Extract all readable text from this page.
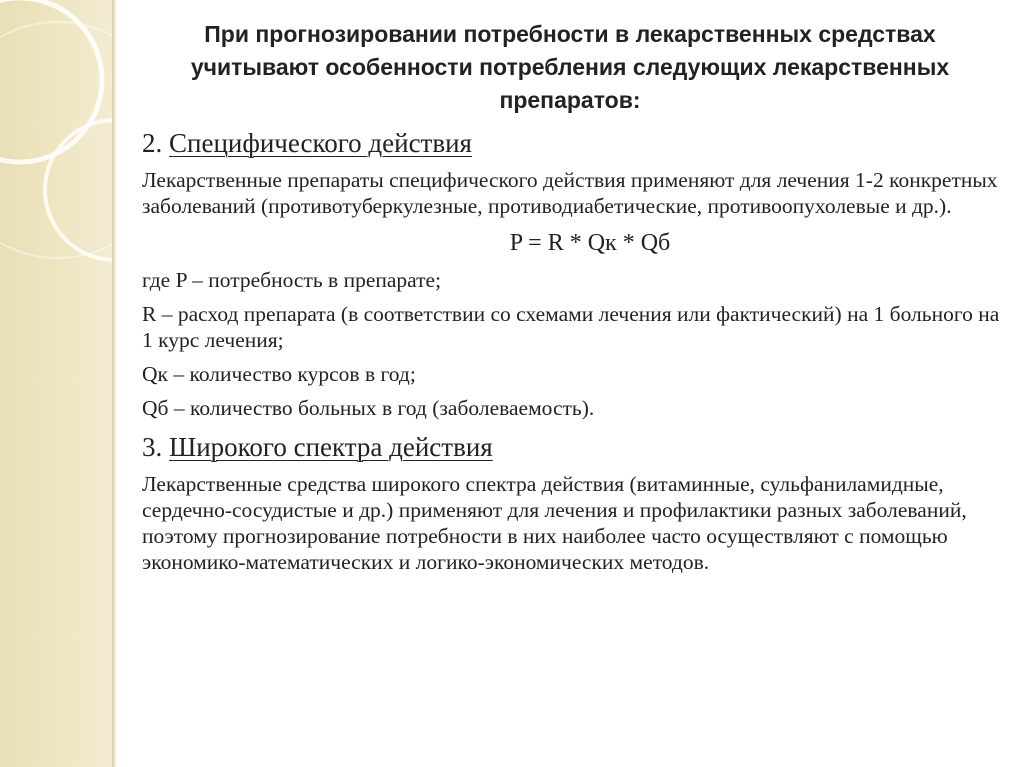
При прогнозировании потребности в лекарственных средствах учитывают особенности потребления следующих лекарственных препаратов:
2. Специфического действия
Лекарственные препараты специфического действия применяют для лечения 1-2 конкретных заболеваний (противотуберкулезные, противодиабетические, противоопухолевые и др.).
P = R * Qк * Qб
где P – потребность в препарате;
R – расход препарата (в соответствии со схемами лечения или фактический) на 1 больного на 1 курс лечения;
Qк – количество курсов в год;
Qб – количество больных в год (заболеваемость).
3. Широкого спектра действия
Лекарственные средства широкого спектра действия (витаминные, сульфаниламидные, сердечно-сосудистые и др.) применяют для лечения и профилактики разных заболеваний, поэтому прогнозирование потребности в них наиболее часто осуществляют с помощью экономико-математических и логико-экономических методов.
